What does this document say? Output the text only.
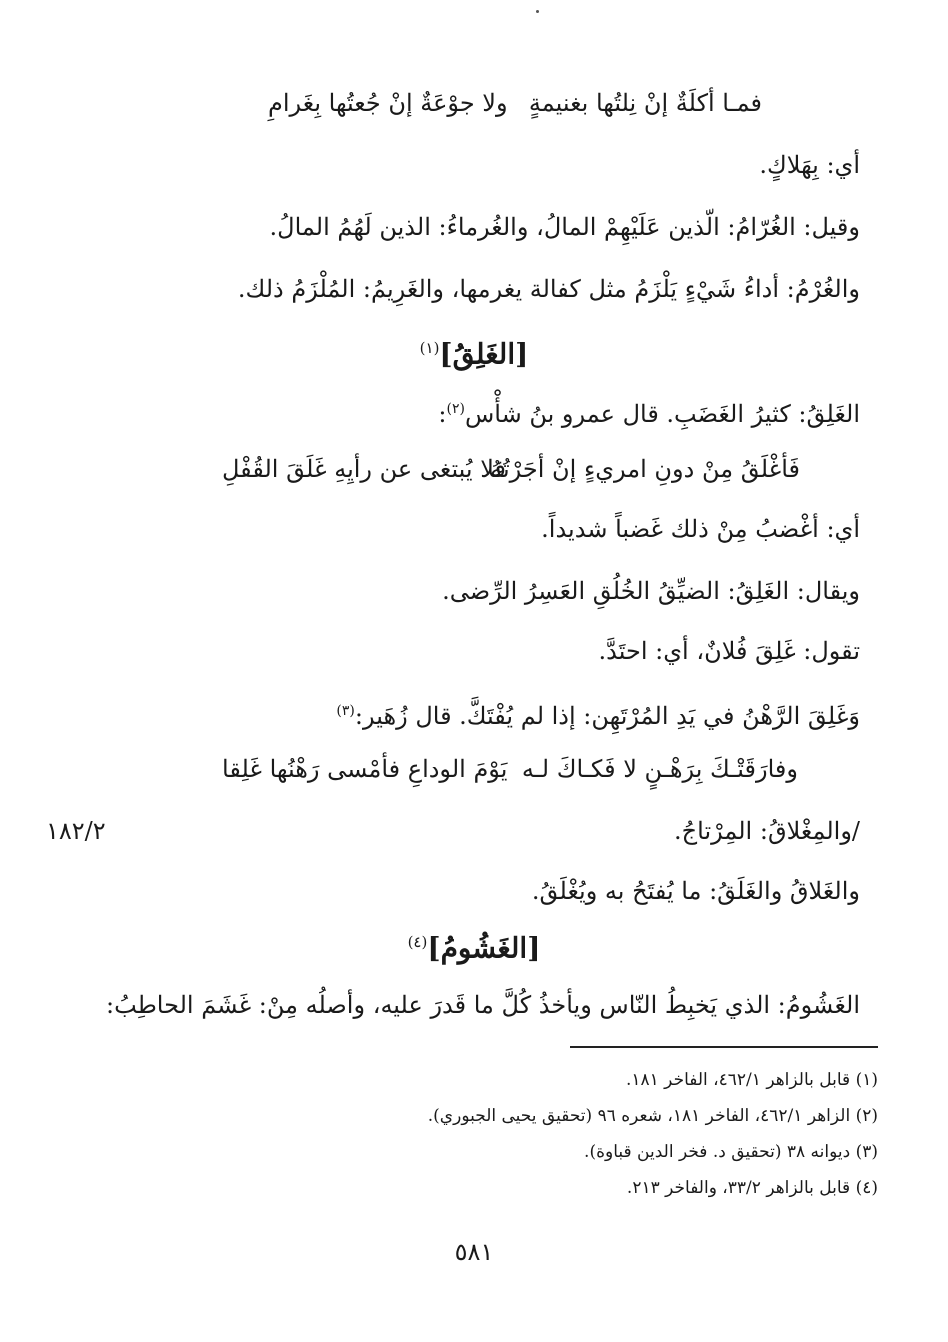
فمـا أكلَةٌ إنْ نِلتُها بغنيمةٍ
ولا جوْعَةٌ إنْ جُعتُها بِغَرامِ
أي: بِهَلاكٍ.
وقيل: الغُرّامُ: الّذين عَلَيْهِمْ المالُ، والغُرماءُ: الذين لَهُمُ المالُ.
والغُرْمُ: أداءُ شَيْءٍ يَلْزَمُ مثل كفالة يغرمها، والغَرِيمُ: المُلْزَمُ ذلك.
[الغَلِقُ]$^{(١)}$
الغَلِقُ: كثيرُ الغَضَبِ. قال عمرو بنُ شأْس$^{(٢)}$:
فَأغْلَقُ مِنْ دونِ امريءٍ إنْ أجَرْتُهُ
فلا يُبتغى عن رأيِهِ غَلَقَ القُفْلِ
أي: أغْضبُ مِنْ ذلك غَضباً شديداً.
ويقال: الغَلِقُ: الضيِّقُ الخُلُقِ العَسِرُ الرِّضى.
تقول: غَلِقَ فُلانٌ، أي: احتَدَّ.
وَغَلِقَ الرَّهْنُ في يَدِ المُرْتَهِن: إذا لم يُفْتَكَّ. قال زُهَير:$^{(٣)}$
وفارَقَتْـكَ بِرَهْـنٍ لا فَكـاكَ لـه
يَوْمَ الوداعِ فأمْسى رَهْنُها غَلِقا
/والمِغْلاقُ: المِرْتاجُ.
١٨٢/٢
والغَلاقُ والغَلَقُ: ما يُفتَحُ به ويُغْلَقُ.
[الغَشُومُ]$^{(٤)}$
الغَشُومُ: الذي يَخبِطُ النّاس ويأخذُ كُلَّ ما قَدرَ عليه، وأصلُه مِنْ: غَشَمَ الحاطِبُ:
(١) قابل بالزاهر ٤٦٢/١، الفاخر ١٨١.
(٢) الزاهر ٤٦٢/١، الفاخر ١٨١، شعره ٩٦ (تحقيق يحيى الجبوري).
(٣) ديوانه ٣٨ (تحقيق د. فخر الدين قباوة).
(٤) قابل بالزاهر ٣٣/٢، والفاخر ٢١٣.
٥٨١
